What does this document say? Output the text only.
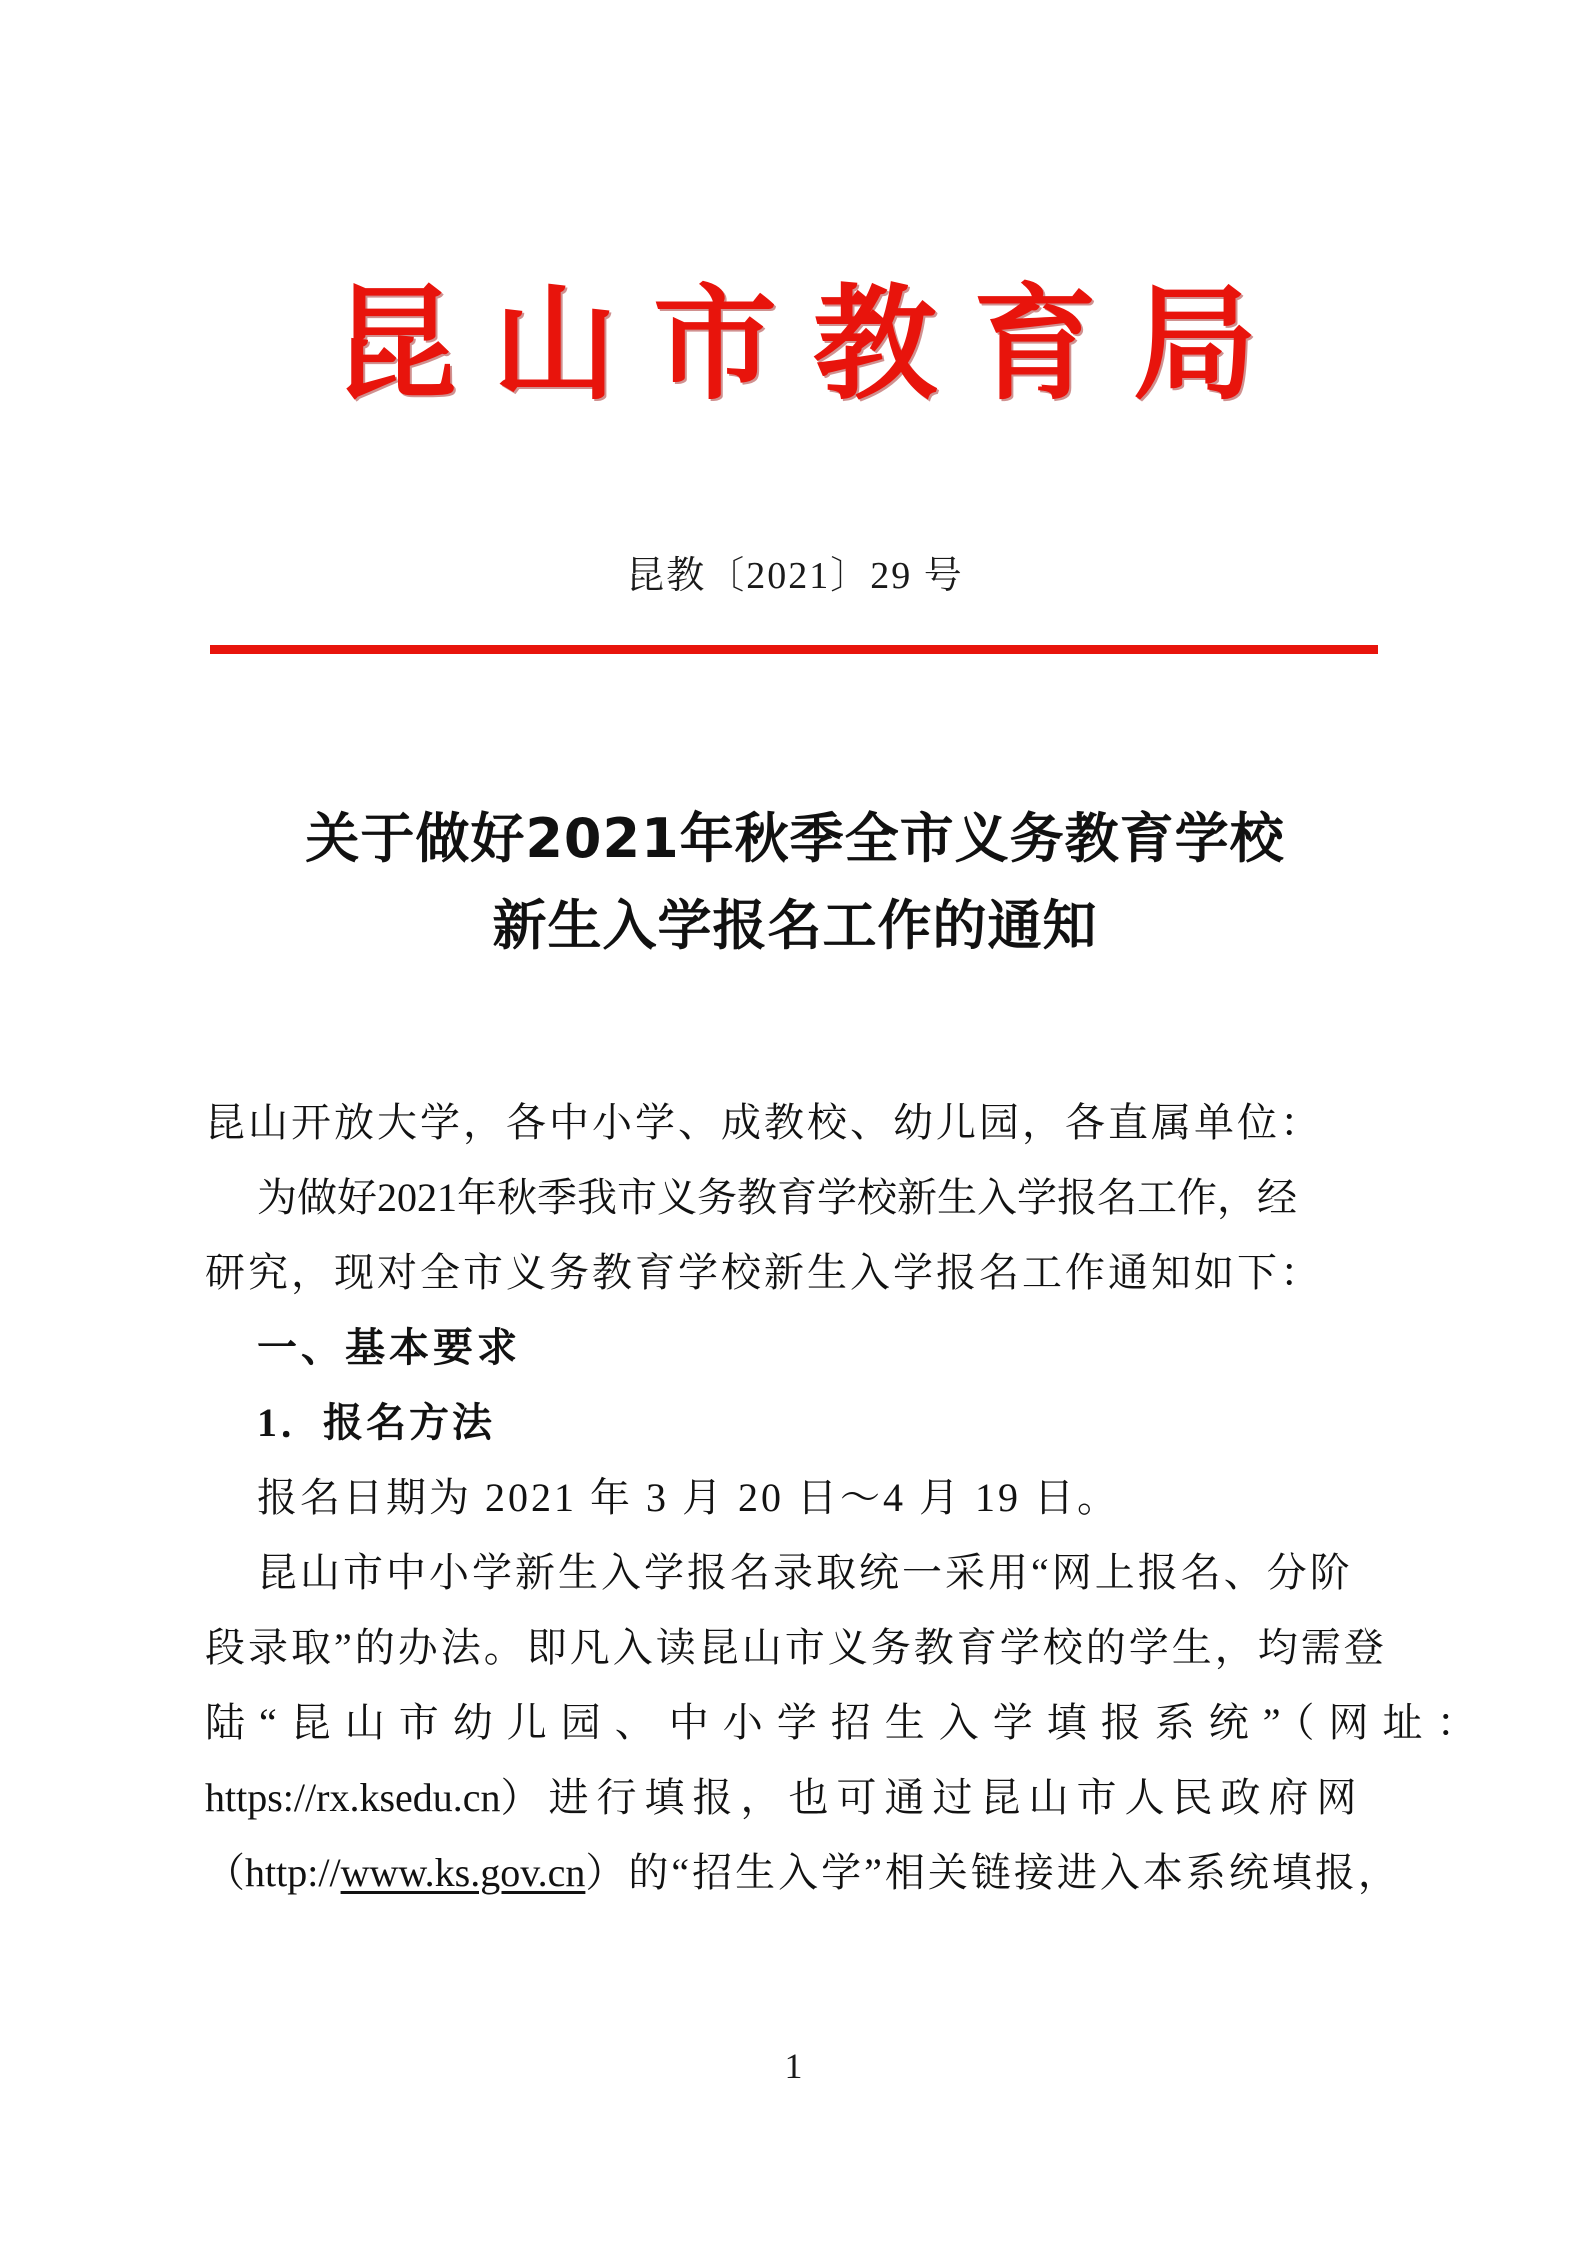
昆山市教育局
昆教〔2021〕29 号
关于做好2021年秋季全市义务教育学校
新生入学报名工作的通知
昆山开放大学，各中小学、成教校、幼儿园，各直属单位：
为做好2021年秋季我市义务教育学校新生入学报名工作，经
研究，现对全市义务教育学校新生入学报名工作通知如下：
一、基本要求
1．报名方法
报名日期为 2021 年 3 月 20 日～4 月 19 日。
昆山市中小学新生入学报名录取统一采用“网上报名、分阶
段录取”的办法。即凡入读昆山市义务教育学校的学生，均需登
陆“昆山市幼儿园、中小学招生入学填报系统”（网址：
https://rx.ksedu.cn）进行填报，也可通过昆山市人民政府网
（http://www.ks.gov.cn）的“招生入学”相关链接进入本系统填报，
1
